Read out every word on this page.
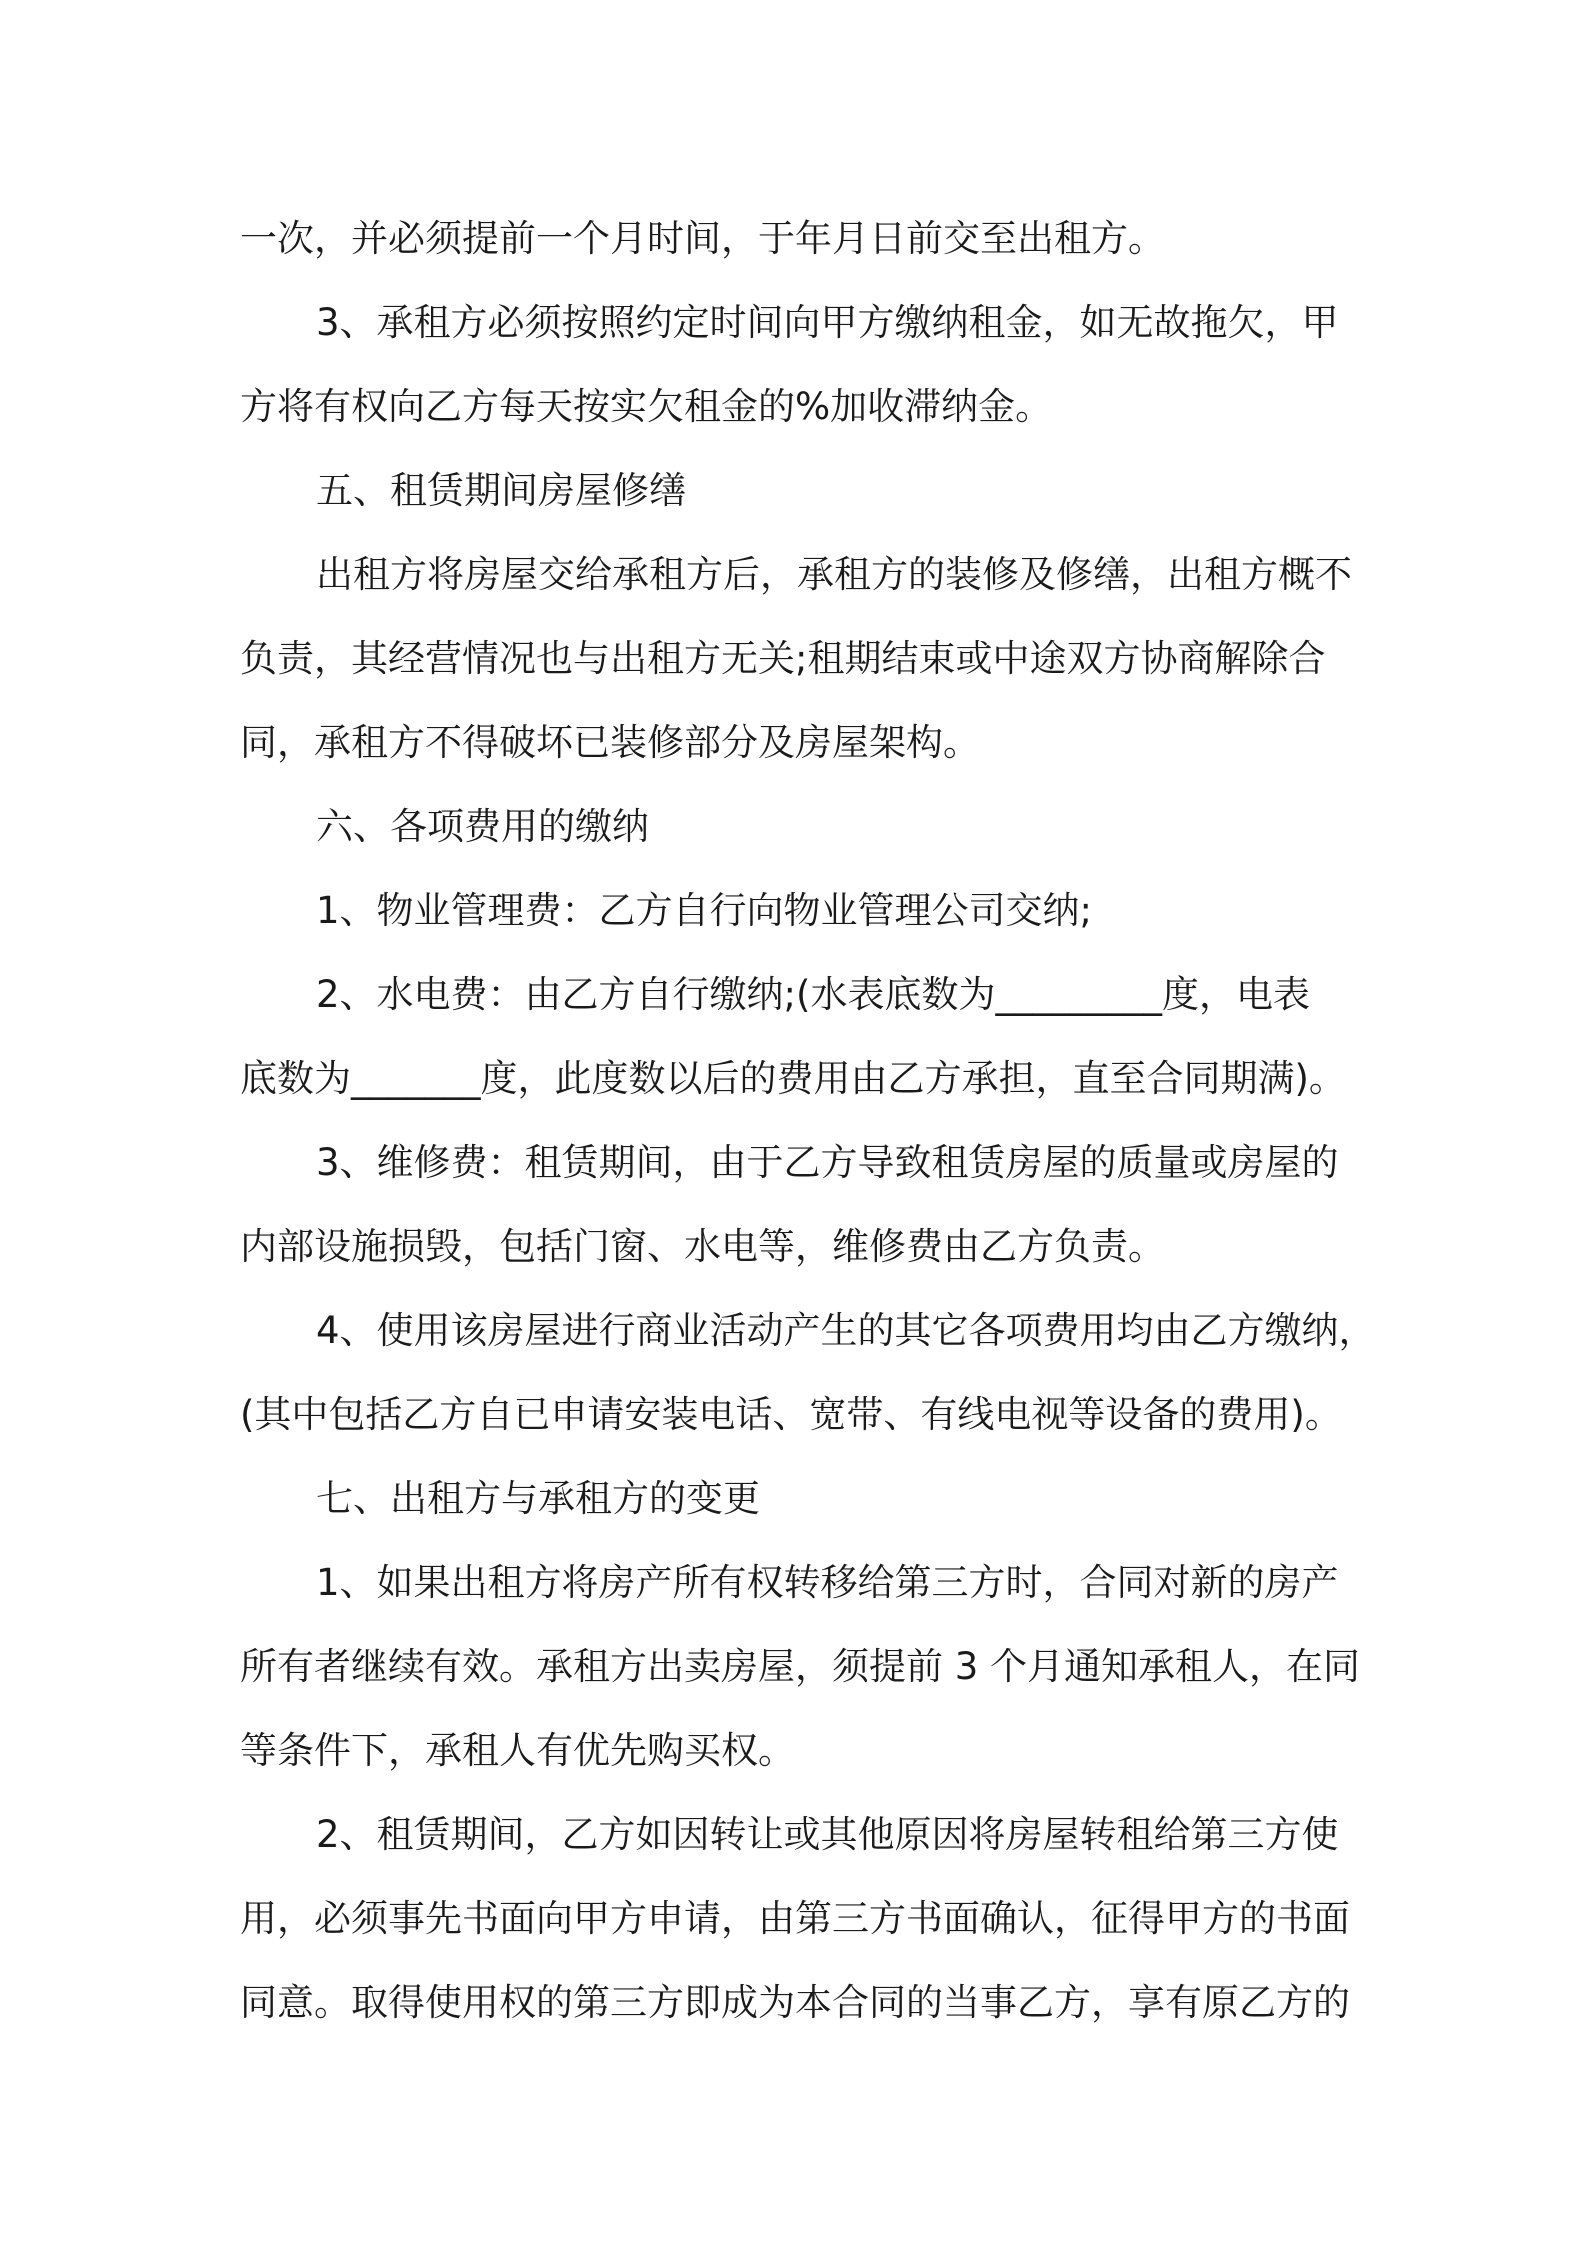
一次，并必须提前一个月时间，于年月日前交至出租方。
3、承租方必须按照约定时间向甲方缴纳租金，如无故拖欠，甲
方将有权向乙方每天按实欠租金的%加收滞纳金。
五、租赁期间房屋修缮
出租方将房屋交给承租方后，承租方的装修及修缮，出租方概不
负责，其经营情况也与出租方无关;租期结束或中途双方协商解除合
同，承租方不得破坏已装修部分及房屋架构。
六、各项费用的缴纳
1、物业管理费：乙方自行向物业管理公司交纳;
2、水电费：由乙方自行缴纳;(水表底数为_________度，电表
底数为_______度，此度数以后的费用由乙方承担，直至合同期满)。
3、维修费：租赁期间，由于乙方导致租赁房屋的质量或房屋的
内部设施损毁，包括门窗、水电等，维修费由乙方负责。
4、使用该房屋进行商业活动产生的其它各项费用均由乙方缴纳，
(其中包括乙方自已申请安装电话、宽带、有线电视等设备的费用)。
七、出租方与承租方的变更
1、如果出租方将房产所有权转移给第三方时，合同对新的房产
所有者继续有效。承租方出卖房屋，须提前 3 个月通知承租人，在同
等条件下，承租人有优先购买权。
2、租赁期间，乙方如因转让或其他原因将房屋转租给第三方使
用，必须事先书面向甲方申请，由第三方书面确认，征得甲方的书面
同意。取得使用权的第三方即成为本合同的当事乙方，享有原乙方的
